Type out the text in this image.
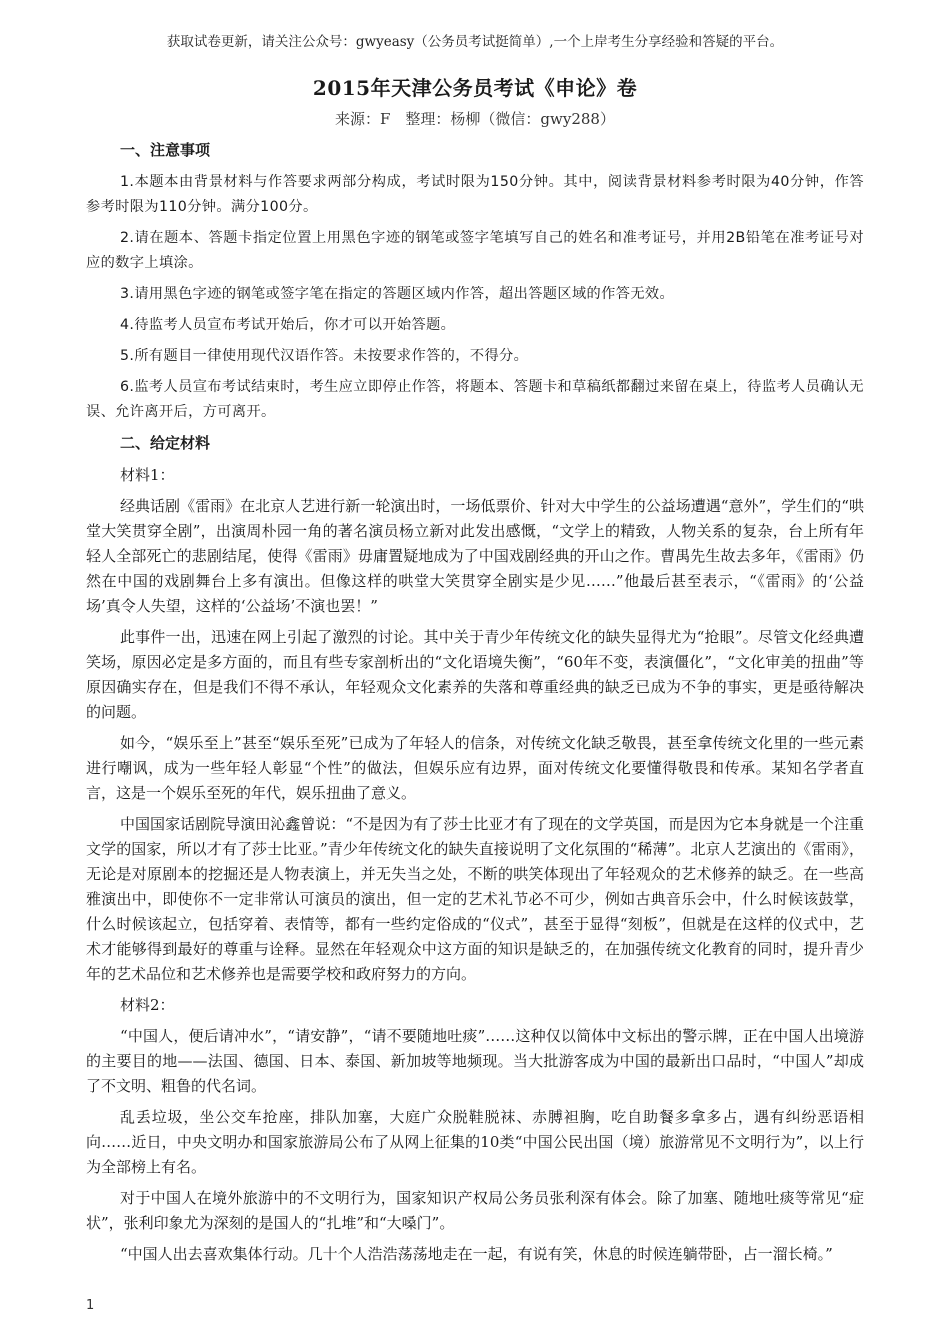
获取试卷更新，请关注公众号：gwyeasy（公务员考试挺简单）,一个上岸考生分享经验和答疑的平台。
2015年天津公务员考试《申论》卷
来源：F　整理：杨柳（微信：gwy288）
一、注意事项

1.本题本由背景材料与作答要求两部分构成，考试时限为150分钟。其中，阅读背景材料参考时限为40分钟，作答参考时限为110分钟。满分100分。

2.请在题本、答题卡指定位置上用黑色字迹的钢笔或签字笔填写自己的姓名和准考证号，并用2B铅笔在准考证号对应的数字上填涂。

3.请用黑色字迹的钢笔或签字笔在指定的答题区域内作答，超出答题区域的作答无效。

4.待监考人员宣布考试开始后，你才可以开始答题。

5.所有题目一律使用现代汉语作答。未按要求作答的，不得分。

6.监考人员宣布考试结束时，考生应立即停止作答，将题本、答题卡和草稿纸都翻过来留在桌上，待监考人员确认无误、允许离开后，方可离开。

二、给定材料
材料1：

经典话剧《雷雨》在北京人艺进行新一轮演出时，一场低票价、针对大中学生的公益场遭遇“意外”，学生们的“哄堂大笑贯穿全剧”，出演周朴园一角的著名演员杨立新对此发出感慨，“文学上的精致，人物关系的复杂，台上所有年轻人全部死亡的悲剧结尾，使得《雷雨》毋庸置疑地成为了中国戏剧经典的开山之作。曹禺先生故去多年，《雷雨》仍然在中国的戏剧舞台上多有演出。但像这样的哄堂大笑贯穿全剧实是少见……”他最后甚至表示，“《雷雨》的‘公益场’真令人失望，这样的‘公益场’不演也罢！”

此事件一出，迅速在网上引起了激烈的讨论。其中关于青少年传统文化的缺失显得尤为“抢眼”。尽管文化经典遭笑场，原因必定是多方面的，而且有些专家剖析出的“文化语境失衡”，“60年不变，表演僵化”，“文化审美的扭曲”等原因确实存在，但是我们不得不承认，年轻观众文化素养的失落和尊重经典的缺乏已成为不争的事实，更是亟待解决的问题。

如今，“娱乐至上”甚至“娱乐至死”已成为了年轻人的信条，对传统文化缺乏敬畏，甚至拿传统文化里的一些元素进行嘲讽，成为一些年轻人彰显“个性”的做法，但娱乐应有边界，面对传统文化要懂得敬畏和传承。某知名学者直言，这是一个娱乐至死的年代，娱乐扭曲了意义。

中国国家话剧院导演田沁鑫曾说：“不是因为有了莎士比亚才有了现在的文学英国，而是因为它本身就是一个注重文学的国家，所以才有了莎士比亚。”青少年传统文化的缺失直接说明了文化氛围的“稀薄”。北京人艺演出的《雷雨》，无论是对原剧本的挖掘还是人物表演上，并无失当之处，不断的哄笑体现出了年轻观众的艺术修养的缺乏。在一些高雅演出中，即使你不一定非常认可演员的演出，但一定的艺术礼节必不可少，例如古典音乐会中，什么时候该鼓掌，什么时候该起立，包括穿着、表情等，都有一些约定俗成的“仪式”，甚至于显得“刻板”，但就是在这样的仪式中，艺术才能够得到最好的尊重与诠释。显然在年轻观众中这方面的知识是缺乏的，在加强传统文化教育的同时，提升青少年的艺术品位和艺术修养也是需要学校和政府努力的方向。

材料2：

“中国人，便后请冲水”，“请安静”，“请不要随地吐痰”……这种仅以简体中文标出的警示牌，正在中国人出境游的主要目的地——法国、德国、日本、泰国、新加坡等地频现。当大批游客成为中国的最新出口品时，“中国人”却成了不文明、粗鲁的代名词。

乱丢垃圾，坐公交车抢座，排队加塞，大庭广众脱鞋脱袜、赤膊袒胸，吃自助餐多拿多占，遇有纠纷恶语相向……近日，中央文明办和国家旅游局公布了从网上征集的10类“中国公民出国（境）旅游常见不文明行为”，以上行为全部榜上有名。

对于中国人在境外旅游中的不文明行为，国家知识产权局公务员张利深有体会。除了加塞、随地吐痰等常见“症状”，张利印象尤为深刻的是国人的“扎堆”和“大嗓门”。

“中国人出去喜欢集体行动。几十个人浩浩荡荡地走在一起，有说有笑，休息的时候连躺带卧，占一溜长椅。”

1
